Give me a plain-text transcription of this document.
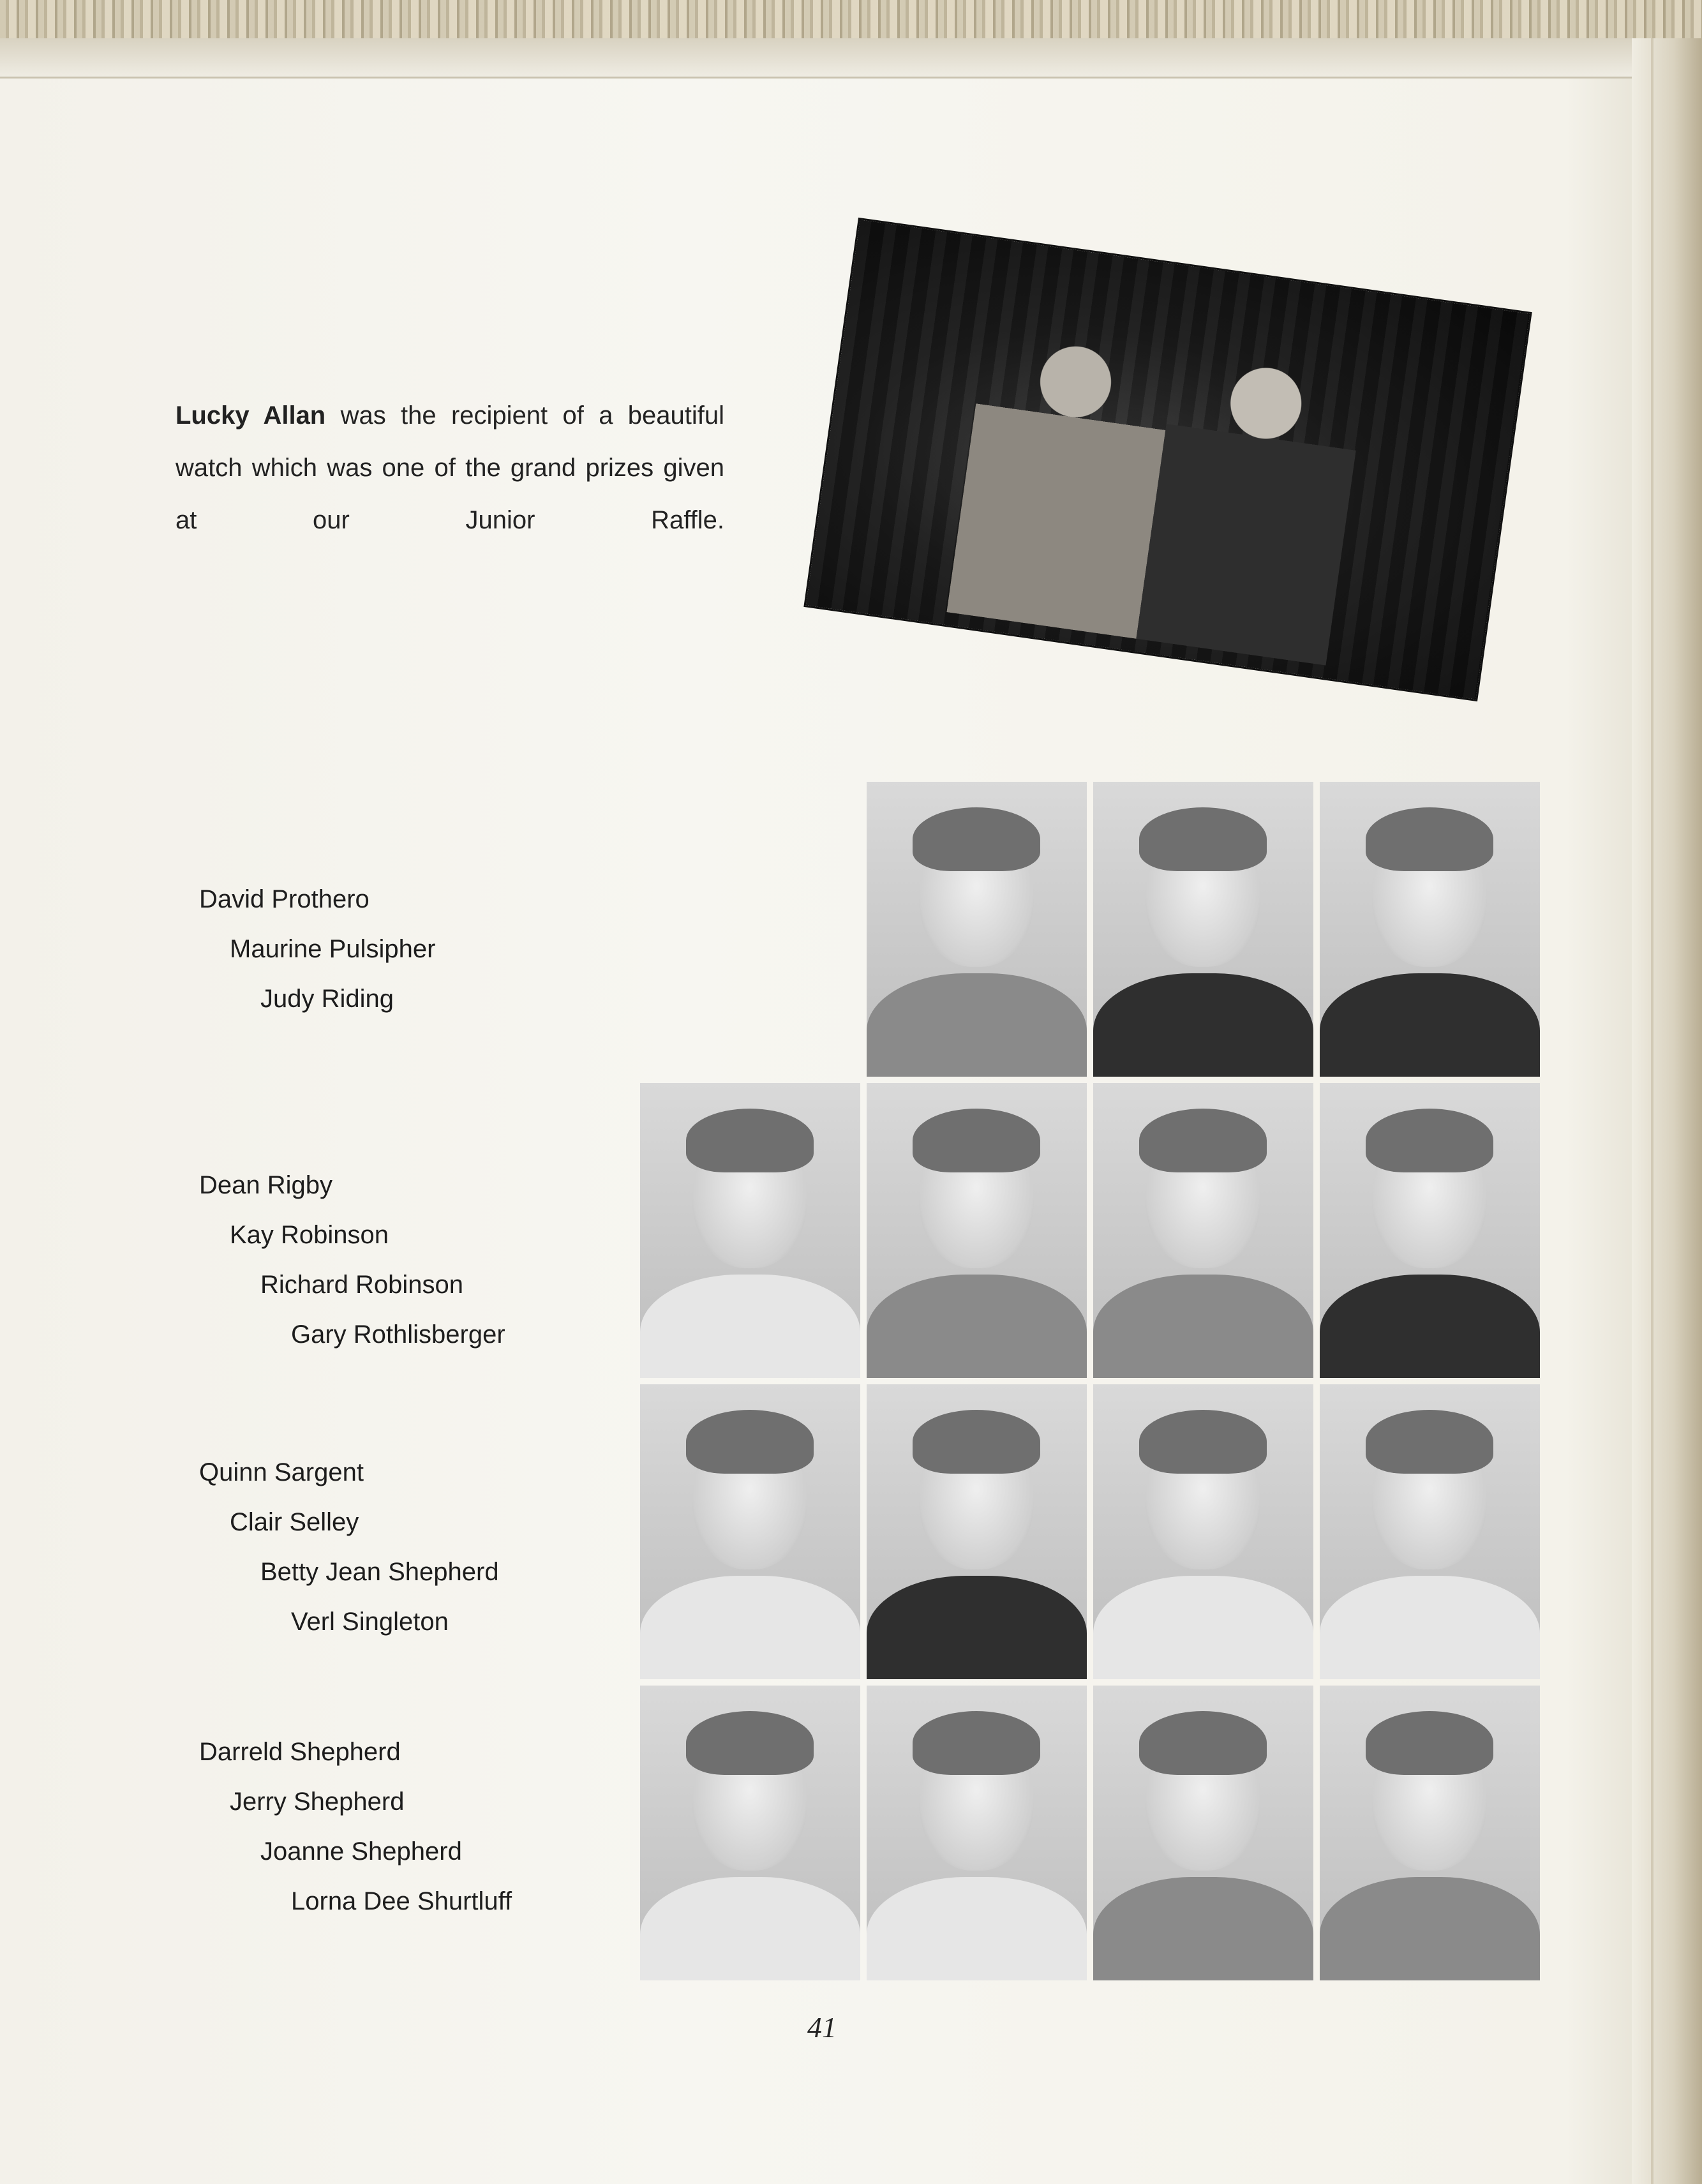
Lucky Allan was the recipient of a beautiful watch which was one of the grand prizes given at our Junior Raffle.
David Prothero
Maurine Pulsipher
Judy Riding
Dean Rigby
Kay Robinson
Richard Robinson
Gary Rothlisberger
Quinn Sargent
Clair Selley
Betty Jean Shepherd
Verl Singleton
Darreld Shepherd
Jerry Shepherd
Joanne Shepherd
Lorna Dee Shurtluff
41
